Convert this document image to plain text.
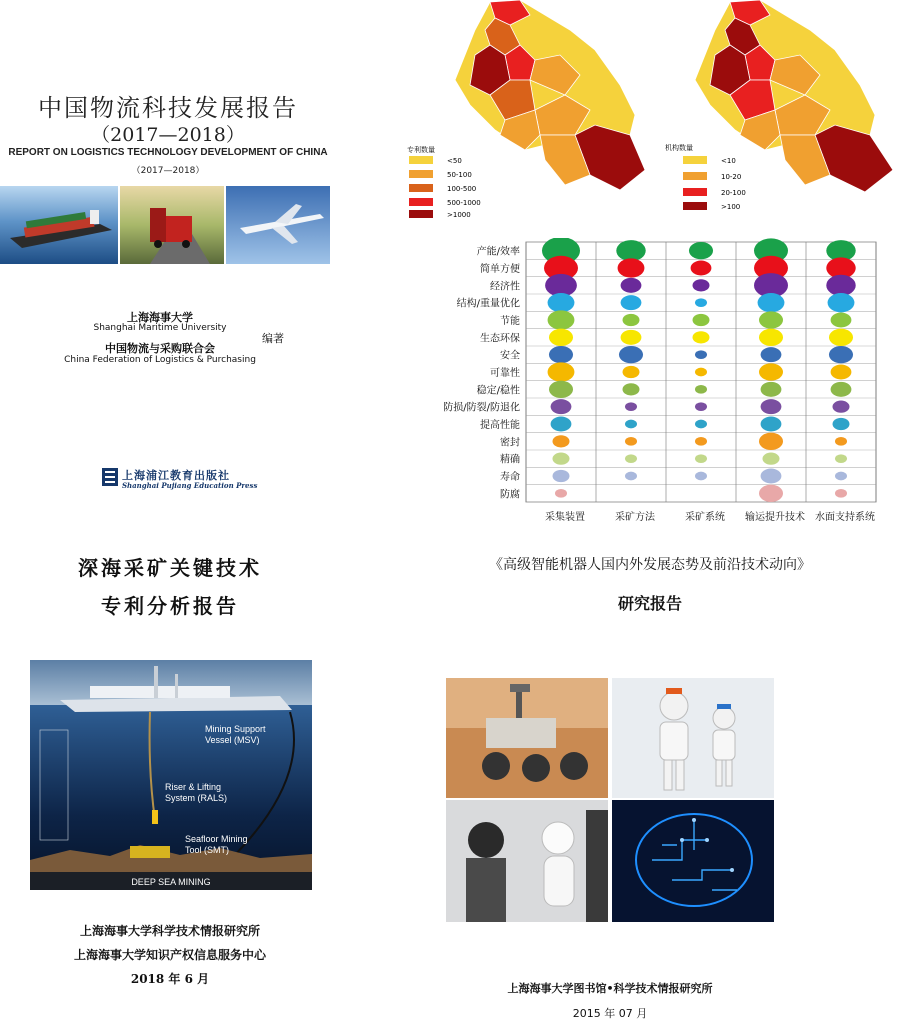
中国物流科技发展报告
（2017—2018）
REPORT ON LOGISTICS TECHNOLOGY DEVELOPMENT OF CHINA
（2017—2018）
上海海事大学
Shanghai Maritime University
中国物流与采购联合会
China Federation of Logistics & Purchasing
编著
上海浦江教育出版社
Shanghai Pujiang Education Press
专利数量
<50
50-100
100-500
500-1000
>1000
机构数量
<10
10-20
20-100
>100
产能/效率
简单方便
经济性
结构/重量优化
节能
生态环保
安全
可靠性
稳定/稳性
防损/防裂/防退化
提高性能
密封
精确
寿命
防腐
采集装置	采矿方法	采矿系统 输运提升技术 水面支持系统
深海采矿关键技术
专利分析报告
Mining Support Vessel (MSV)
Riser & Lifting System (RALS)
Seafloor Mining Tool (SMT)
DEEP SEA MINING
上海海事大学科学技术情报研究所
上海海事大学知识产权信息服务中心
2018 年 6 月
《高级智能机器人国内外发展态势及前沿技术动向》
研究报告
上海海事大学图书馆•科学技术情报研究所
2015 年 07 月
